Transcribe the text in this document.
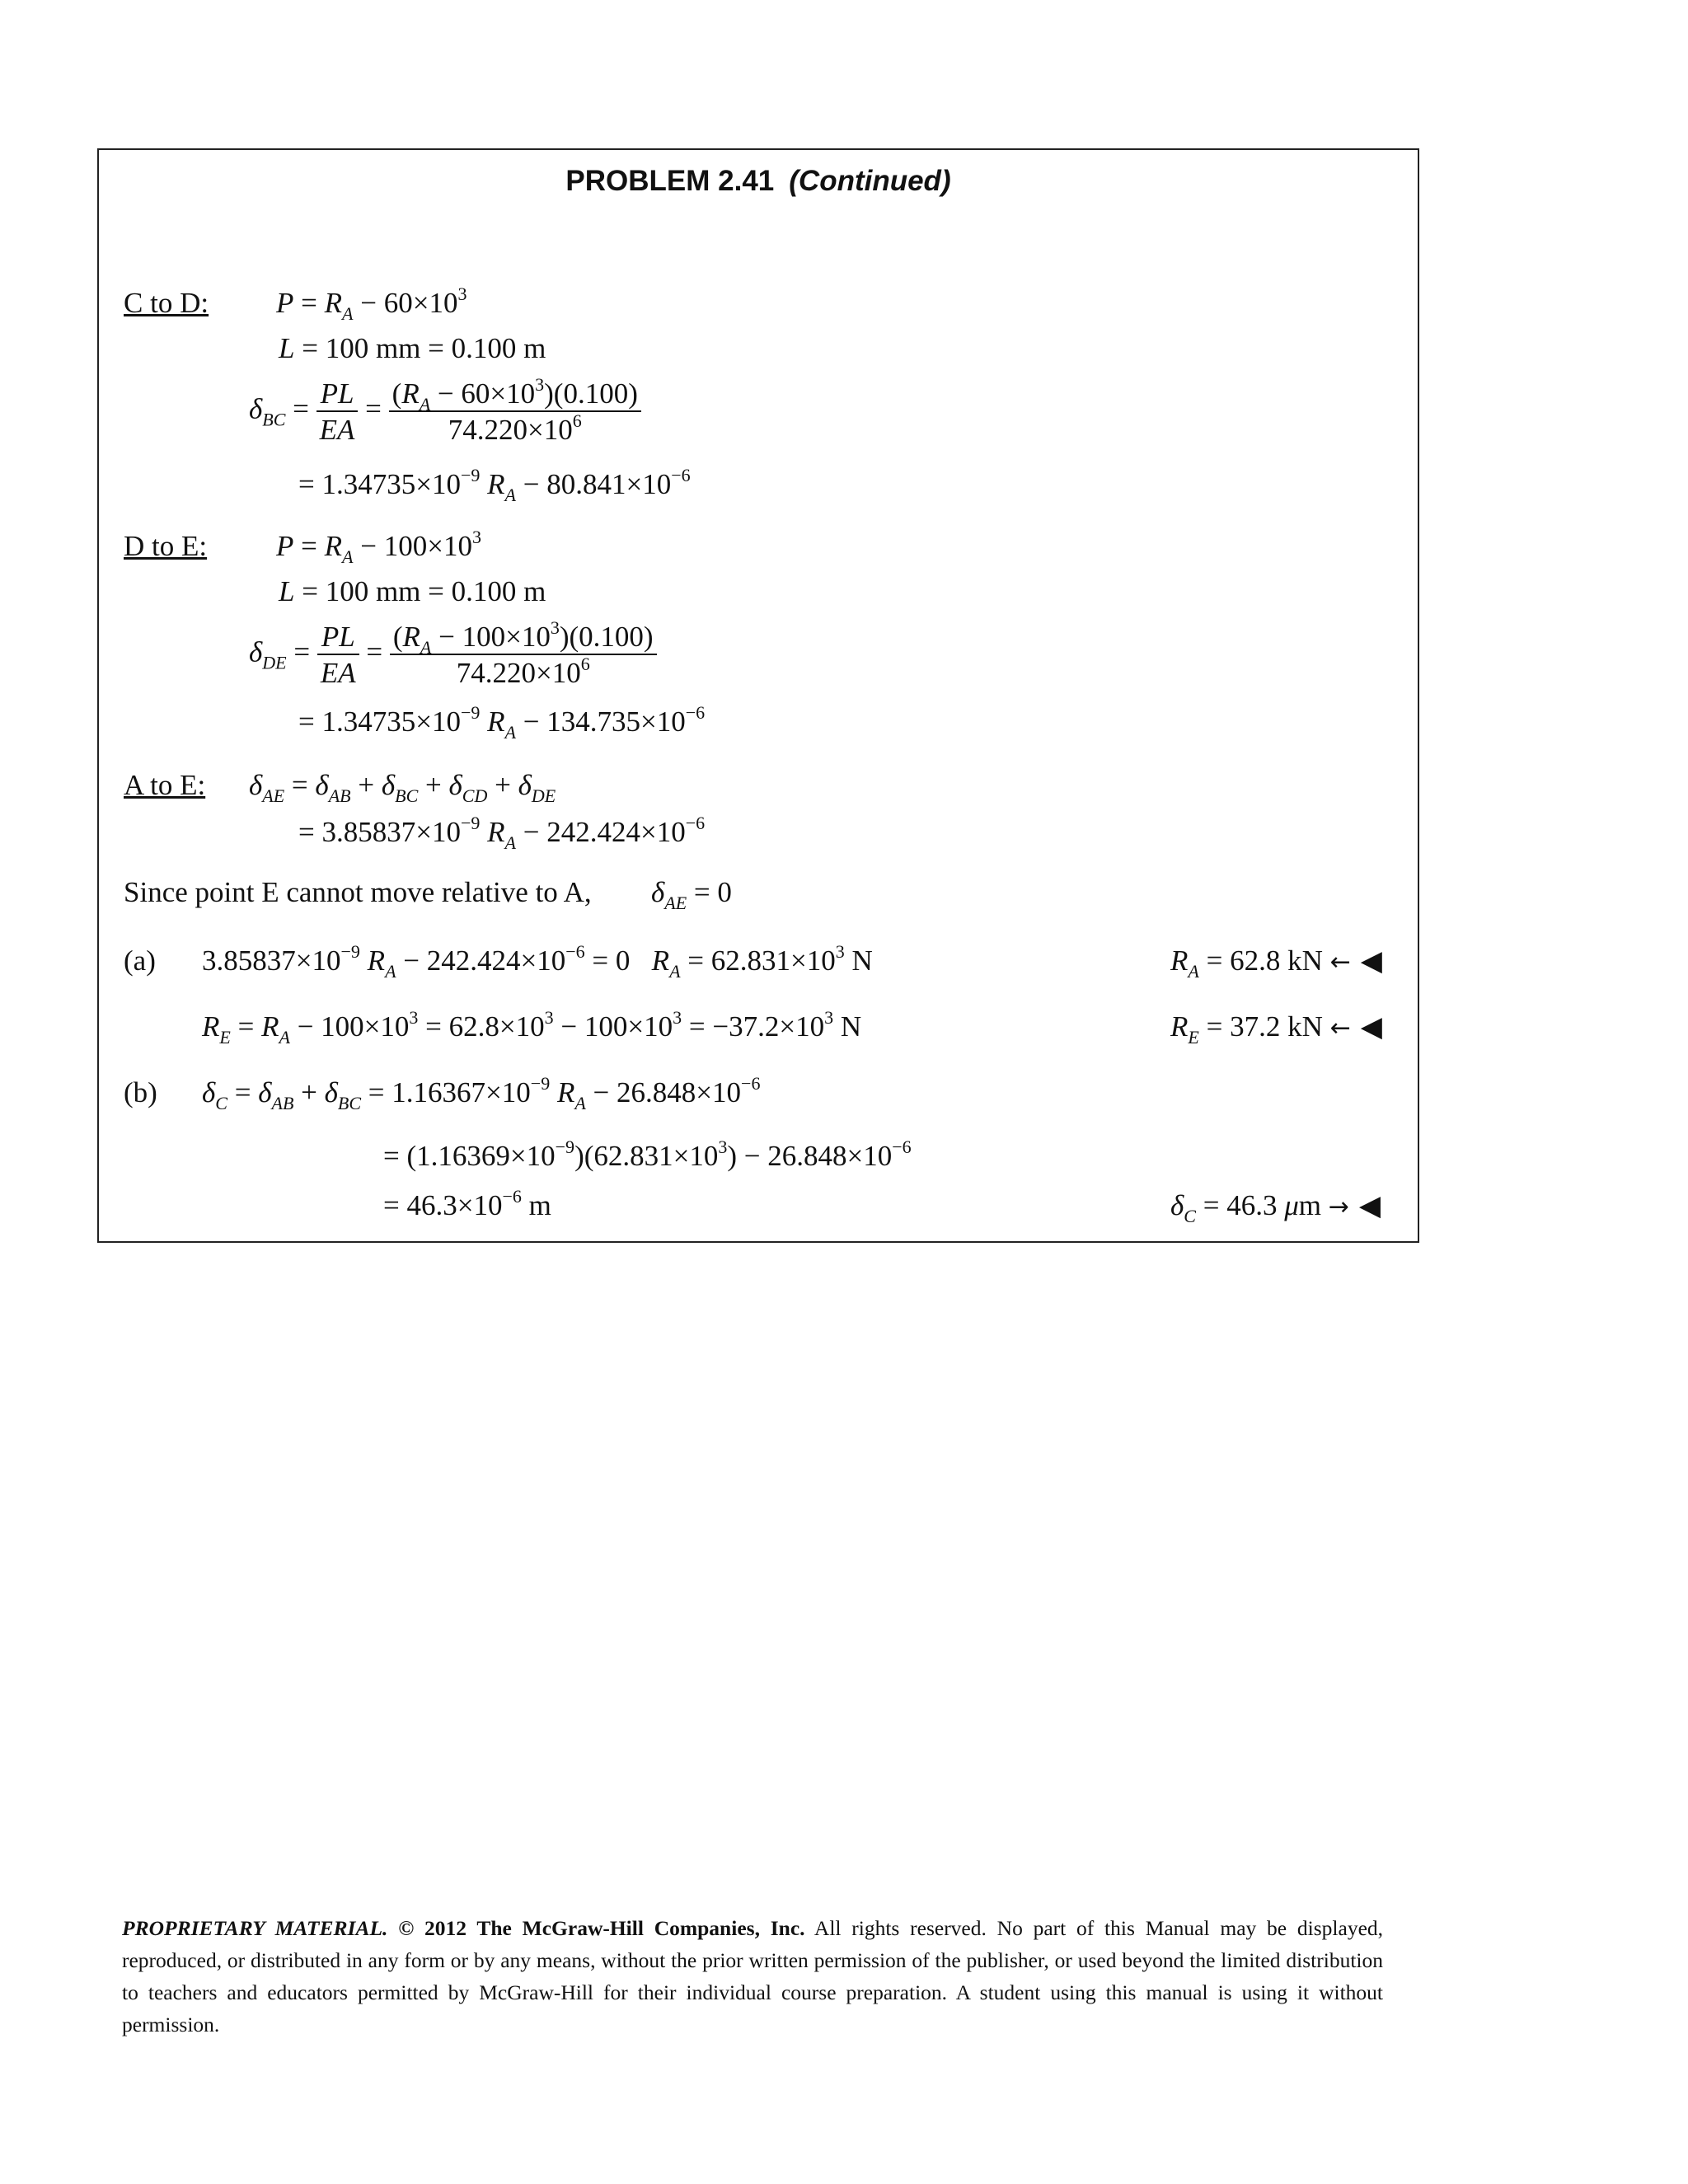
PROBLEM 2.41 (Continued)
C to D: $P = R_A - 60\times 10^3$
L = 100 mm = 0.100 m
$\delta_{BC} = \frac{PL}{EA} = \frac{(R_A - 60\times 10^3)(0.100)}{74.220\times 10^6}$
= $1.34735\times 10^{-9}$ $R_A - 80.841\times 10^{-6}$
D to E: $P = R_A - 100\times 10^3$
L = 100 mm = 0.100 m
$\delta_{DE} = \frac{PL}{EA} = \frac{(R_A - 100\times 10^3)(0.100)}{74.220\times 10^6}$
= $1.34735\times 10^{-9}$ $R_A - 134.735\times 10^{-6}$
A to E: $\delta_{AE} = \delta_{AB} + \delta_{BC} + \delta_{CD} + \delta_{DE}$
= $3.85837\times 10^{-9}$ $R_A - 242.424\times 10^{-6}$
Since point E cannot move relative to A, $\delta_{AE} = 0$
(a) $3.85837\times 10^{-9}$ $R_A - 242.424\times 10^{-6} = 0$   $R_A = 62.831\times 10^3$ N	$R_A = 62.8$ kN ← ◀
$R_E = R_A - 100\times 10^3 = 62.8\times 10^3 - 100\times 10^3 = -37.2\times 10^3$ N	$R_E = 37.2$ kN ← ◀
(b) $\delta_C = \delta_{AB} + \delta_{BC} = 1.16367\times 10^{-9}$ $R_A - 26.848\times 10^{-6}$
= $(1.16369\times 10^{-9})(62.831\times 10^3) - 26.848\times 10^{-6}$
= $46.3\times 10^{-6}$ m	$\delta_C = 46.3$ μm → ◀
PROPRIETARY MATERIAL. © 2012 The McGraw-Hill Companies, Inc. All rights reserved. No part of this Manual may be displayed, reproduced, or distributed in any form or by any means, without the prior written permission of the publisher, or used beyond the limited distribution to teachers and educators permitted by McGraw-Hill for their individual course preparation. A student using this manual is using it without permission.
